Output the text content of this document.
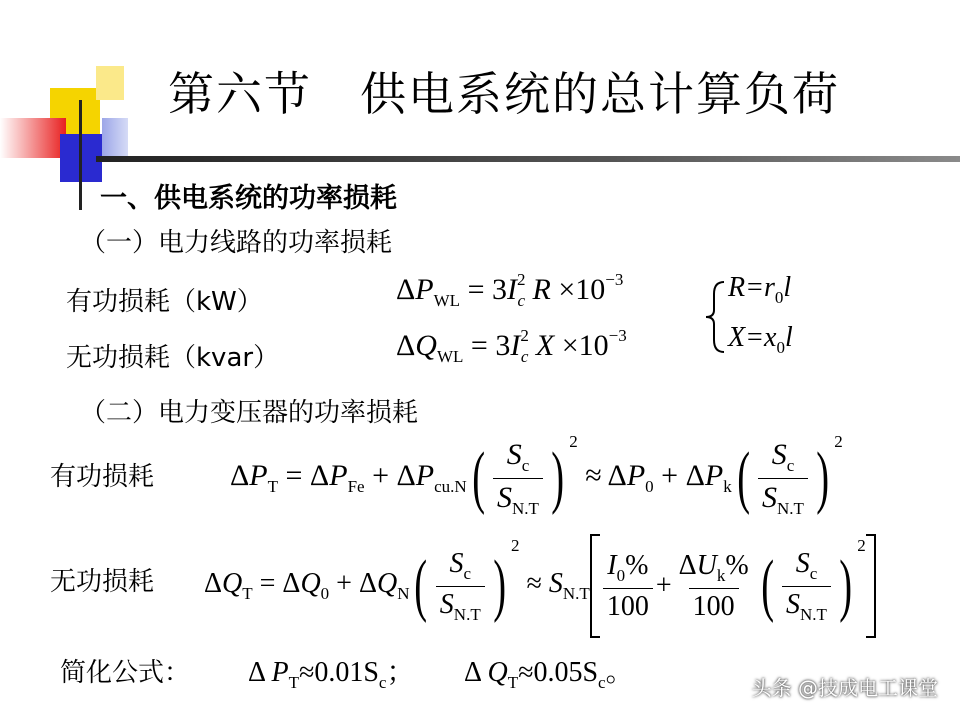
第六节　供电系统的总计算负荷
一、供电系统的功率损耗
（一）电力线路的功率损耗
有功损耗（kW）
无功损耗（kvar）
$\Delta P_{WL} = 3I^2_c$ $R \times 10^{-3}$
$\Delta Q_{WL} = 3I^2_c$ $X \times 10^{-3}$
$R=r_0l$
$X=x_0l$
（二）电力变压器的功率损耗
有功损耗
无功损耗
$\Delta P_T = \Delta P_{Fe} + \Delta P_{cu.N}$ ( $\frac{S_c}{S_{N.T}}$ ) 2
≈ $\Delta P_0 + \Delta P_k$ ( $\frac{S_c}{S_{N.T}}$ ) 2
$\Delta Q_T = \Delta Q_0 + \Delta Q_N$ ( $\frac{S_c}{S_{N.T}}$ )
2
≈ $S_{N.T} \frac{I_0\%}{100} + \frac{\Delta U_k\%}{100}$ ( $\frac{S_c}{S_{N.T}}$ )
2
简化公式： Δ $P_T\approx 0.01S_c$； Δ $Q_T\approx 0.05S_c$。	头条 @技成电工课堂
